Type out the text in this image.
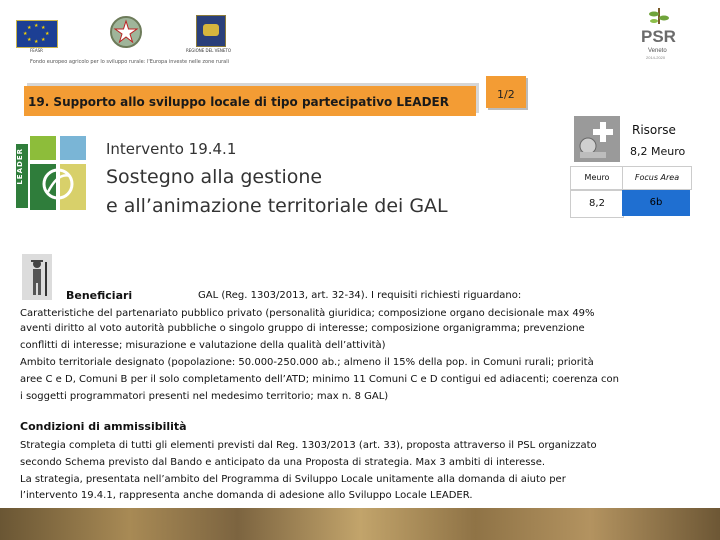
★ ★
★
★
★
★
★
★
FEASR	REGIONE DEL VENETO
Fondo europeo agricolo per lo sviluppo rurale: l'Europa investe nelle zone rurali
PSR
Veneto
2014-2020
19. Supporto allo sviluppo locale di tipo partecipativo LEADER
1/2
LEADER	Intervento 19.4.1
Sostegno alla gestione
e all’animazione territoriale dei GAL
Risorse
8,2 Meuro
Meuro	Focus Area
8,2	6b
Beneficiari	GAL (Reg. 1303/2013, art. 32-34). I requisiti richiesti riguardano:
Caratteristiche del partenariato pubblico privato (personalità giuridica; composizione organo decisionale max 49%
aventi diritto al voto autorità pubbliche o singolo gruppo di interesse; composizione organigramma; prevenzione
conflitti di interesse; misurazione e valutazione della qualità dell’attività)
Ambito territoriale designato (popolazione: 50.000-250.000 ab.; almeno il 15% della pop. in Comuni rurali; priorità
aree C e D, Comuni B per il solo completamento dell’ATD; minimo 11 Comuni C e D contigui ed adiacenti; coerenza con
i soggetti programmatori presenti nel medesimo territorio; max n. 8 GAL)
Condizioni di ammissibilità
Strategia completa di tutti gli elementi previsti dal Reg. 1303/2013 (art. 33), proposta attraverso il PSL organizzato
secondo Schema previsto dal Bando e anticipato da una Proposta di strategia. Max 3 ambiti di interesse.
La strategia, presentata nell’ambito del Programma di Sviluppo Locale unitamente alla domanda di aiuto per
l’intervento 19.4.1, rappresenta anche domanda di adesione allo Sviluppo Locale LEADER.
